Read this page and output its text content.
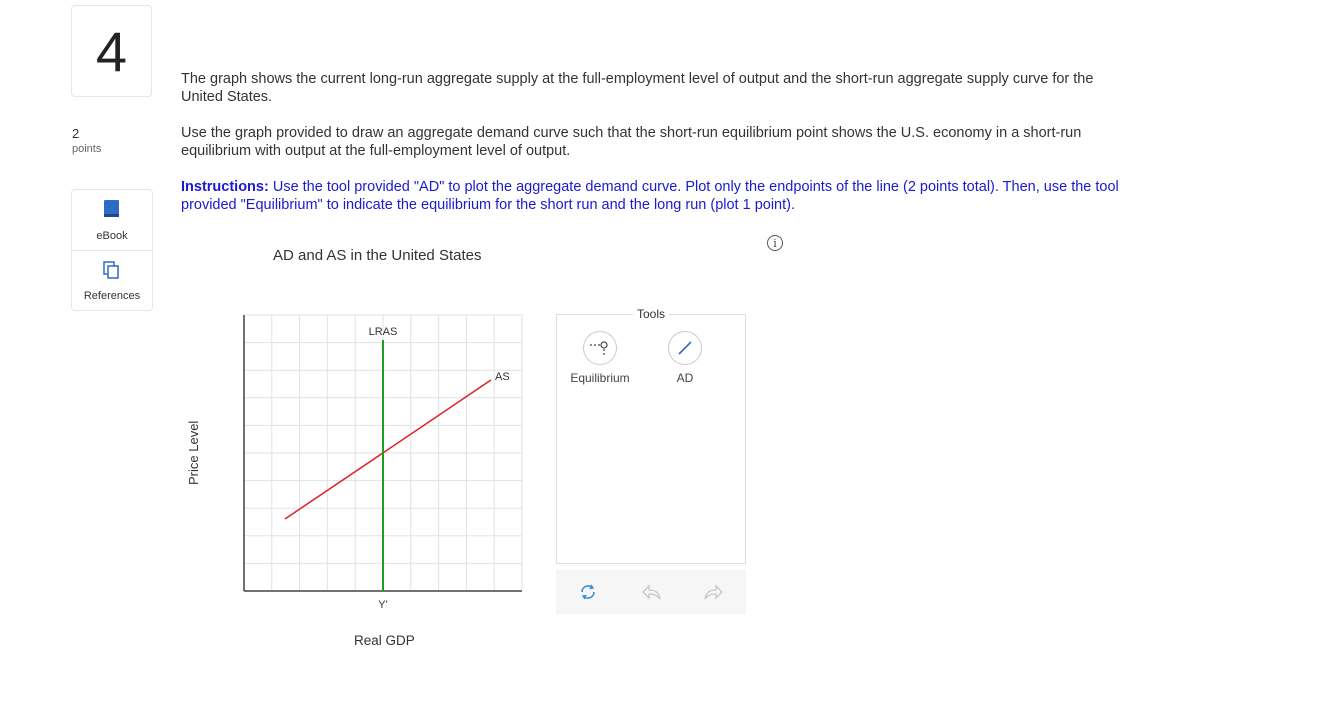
4
2
points
eBook
References

The graph shows the current long-run aggregate supply at the full-employment level of output and the short-run aggregate supply curve for the United States.

Use the graph provided to draw an aggregate demand curve such that the short-run equilibrium point shows the U.S. economy in a short-run equilibrium with output at the full-employment level of output.

Instructions: Use the tool provided "AD" to plot the aggregate demand curve. Plot only the endpoints of the line (2 points total). Then, use the tool provided "Equilibrium" to indicate the equilibrium for the short run and the long run (plot 1 point).

i
AD and AS in the United States
Price Level
Real GDP
LRAS
AS
Y'
Tools
Equilibrium	AD
